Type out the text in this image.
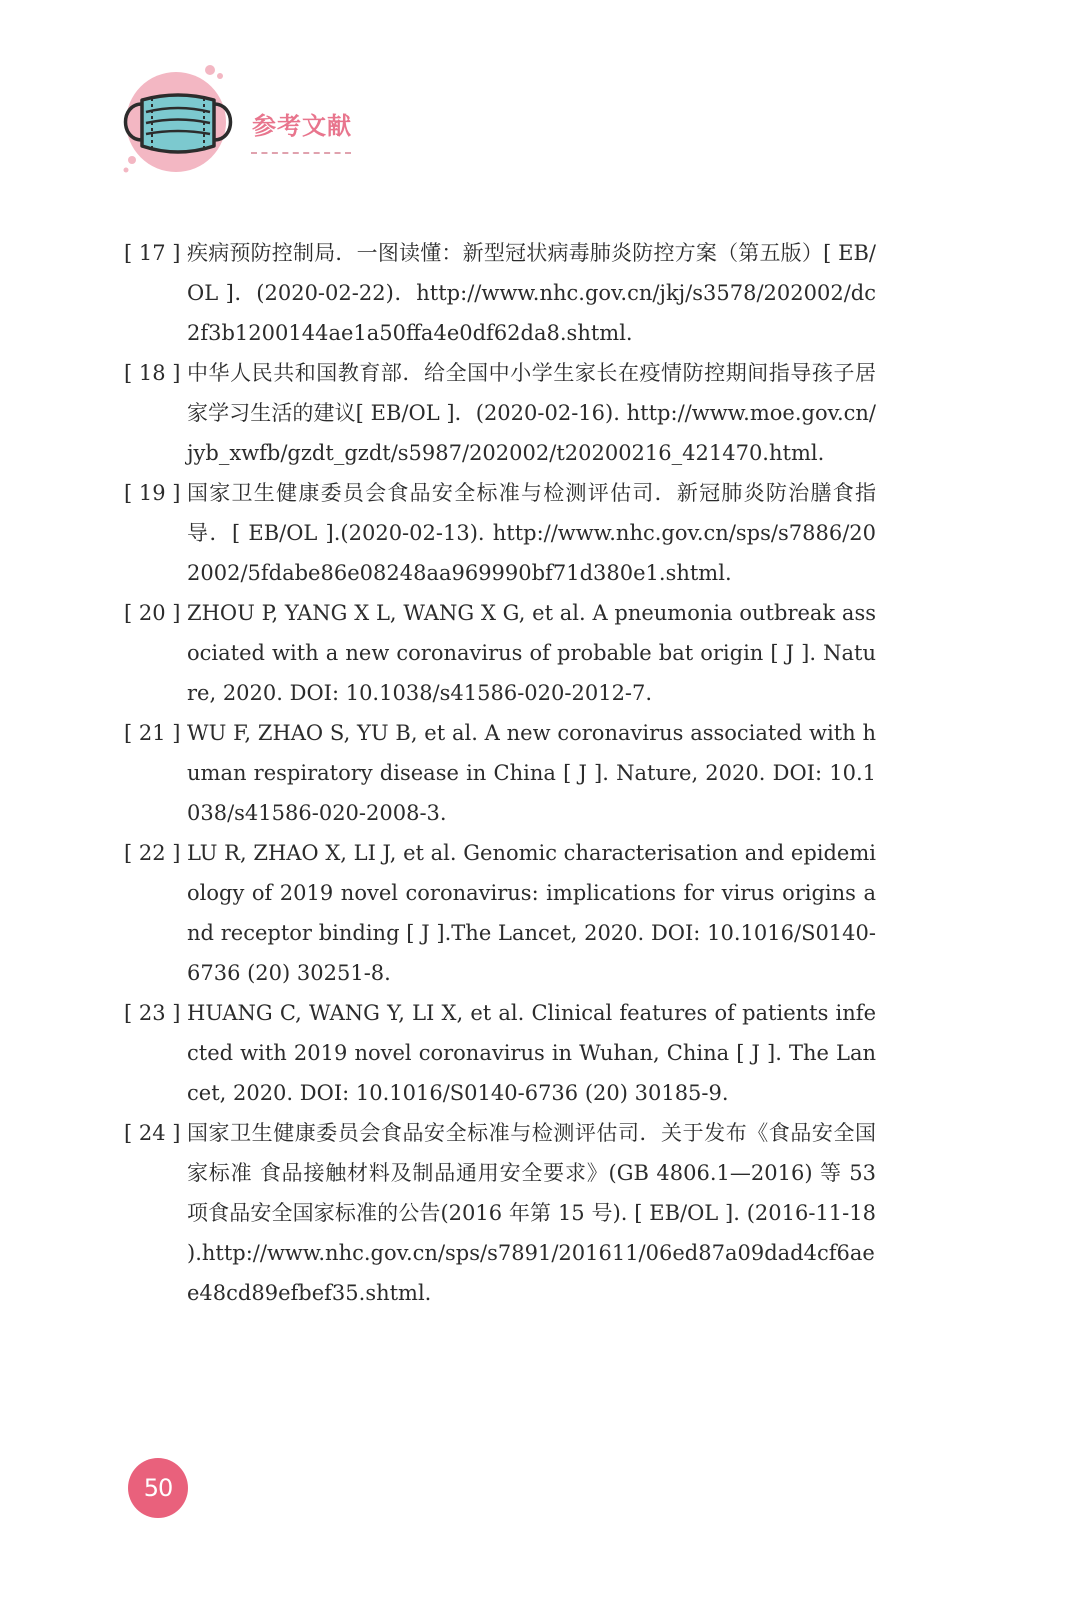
参考文献
[ 17 ] 疾病预防控制局．一图读懂：新型冠状病毒肺炎防控方案（第五版）[ EB/OL ]．(2020-02-22)．http://www.nhc.gov.cn/jkj/s3578/202002/dc2f3b1200144ae1a50ffa4e0df62da8.shtml.
[ 18 ] 中华人民共和国教育部．给全国中小学生家长在疫情防控期间指导孩子居家学习生活的建议[ EB/OL ]．(2020-02-16). http://www.moe.gov.cn/jyb_xwfb/gzdt_gzdt/s5987/202002/t20200216_421470.html.
[ 19 ] 国家卫生健康委员会食品安全标准与检测评估司．新冠肺炎防治膳食指导．[ EB/OL ].(2020-02-13). http://www.nhc.gov.cn/sps/s7886/202002/5fdabe86e08248aa969990bf71d380e1.shtml.
[ 20 ] ZHOU P, YANG X L, WANG X G, et al. A pneumonia outbreak associated with a new coronavirus of probable bat origin [ J ]. Nature, 2020. DOI: 10.1038/s41586-020-2012-7.
[ 21 ] WU F, ZHAO S, YU B, et al. A new coronavirus associated with human respiratory disease in China [ J ]. Nature, 2020. DOI: 10.1038/s41586-020-2008-3.
[ 22 ] LU R, ZHAO X, LI J, et al. Genomic characterisation and epidemiology of 2019 novel coronavirus: implications for virus origins and receptor binding [ J ].The Lancet, 2020. DOI: 10.1016/S0140-6736 (20) 30251-8.
[ 23 ] HUANG C, WANG Y, LI X, et al. Clinical features of patients infected with 2019 novel coronavirus in Wuhan, China [ J ]. The Lancet, 2020. DOI: 10.1016/S0140-6736 (20) 30185-9.
[ 24 ] 国家卫生健康委员会食品安全标准与检测评估司．关于发布《食品安全国家标准 食品接触材料及制品通用安全要求》(GB 4806.1—2016) 等 53 项食品安全国家标准的公告(2016 年第 15 号). [ EB/OL ]. (2016-11-18 ).http://www.nhc.gov.cn/sps/s7891/201611/06ed87a09dad4cf6aee48cd89efbef35.shtml.
50
